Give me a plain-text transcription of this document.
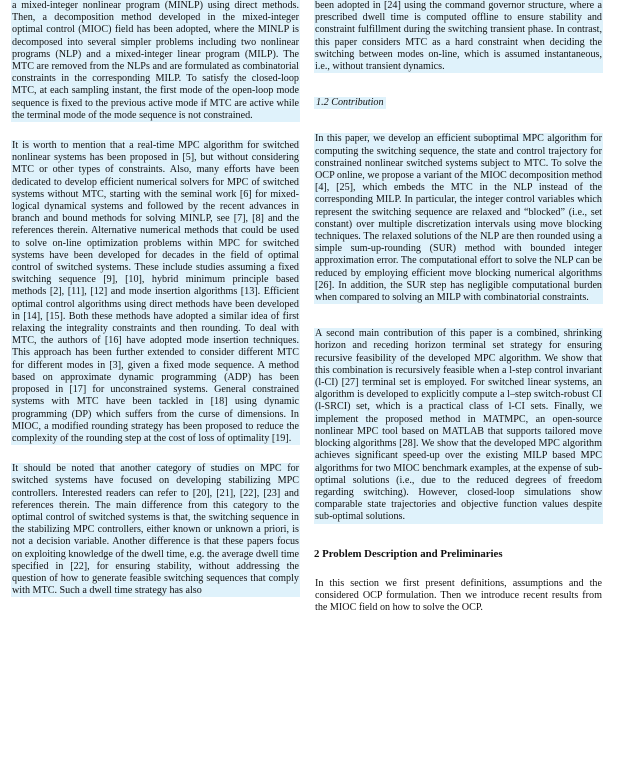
a mixed-integer nonlinear program (MINLP) using direct methods. Then, a decomposition method developed in the mixed-integer optimal control (MIOC) field has been adopted, where the MINLP is decomposed into several simpler problems including two nonlinear programs (NLP) and a mixed-integer linear program (MILP). The MTC are removed from the NLPs and are formulated as combinatorial constraints in the corresponding MILP. To satisfy the closed-loop MTC, at each sampling instant, the first mode of the open-loop mode sequence is fixed to the previous active mode if MTC are active while the terminal mode of the mode sequence is not constrained.

It is worth to mention that a real-time MPC algorithm for switched nonlinear systems has been proposed in [5], but without considering MTC or other types of constraints. Also, many efforts have been dedicated to develop efficient numerical solvers for MPC of switched systems without MTC, starting with the seminal work [6] for mixed-logical dynamical systems and followed by the recent advances in branch and bound methods for solving MINLP, see [7], [8] and the references therein. Alternative numerical methods that could be used to solve on-line optimization problems within MPC for switched systems have been developed for decades in the field of optimal control of switched systems. These include studies assuming a fixed switching sequence [9], [10], hybrid minimum principle based methods [2], [11], [12] and mode insertion algorithms [13]. Efficient optimal control algorithms using direct methods have been developed in [14], [15]. Both these methods have adopted a similar idea of first relaxing the integrality constraints and then rounding. To deal with MTC, the authors of [16] have adopted mode insertion techniques. This approach has been further extended to consider different MTC for different modes in [3], given a fixed mode sequence. A method based on approximate dynamic programming (ADP) has been proposed in [17] for unconstrained systems. General constrained systems with MTC have been tackled in [18] using dynamic programming (DP) which suffers from the curse of dimensions. In MIOC, a modified rounding strategy has been proposed to reduce the complexity of the rounding step at the cost of loss of optimality [19].

It should be noted that another category of studies on MPC for switched systems have focused on developing stabilizing MPC controllers. Interested readers can refer to [20], [21], [22], [23] and references therein. The main difference from this category to the optimal control of switched systems is that, the switching sequence in the stabilizing MPC controllers, either known or unknown a priori, is not a decision variable. Another difference is that these papers focus on exploiting knowledge of the dwell time, e.g. the average dwell time specified in [22], for ensuring stability, without addressing the question of how to generate feasible switching sequences that comply with MTC. Such a dwell time strategy has also

been adopted in [24] using the command governor structure, where a prescribed dwell time is computed offline to ensure stability and constraint fulfillment during the switching transient phase. In contrast, this paper considers MTC as a hard constraint when deciding the switching between modes on-line, which is assumed instantaneous, i.e., without transient dynamics.

1.2 Contribution

In this paper, we develop an efficient suboptimal MPC algorithm for computing the switching sequence, the state and control trajectory for constrained nonlinear switched systems subject to MTC. To solve the OCP online, we propose a variant of the MIOC decomposition method [4], [25], which embeds the MTC in the NLP instead of the corresponding MILP. In particular, the integer control variables which represent the switching sequence are relaxed and “blocked” (i.e., set constant) over multiple discretization intervals using move blocking techniques. The relaxed solutions of the NLP are then rounded using a simple sum-up-rounding (SUR) method with bounded integer approximation error. The computational effort to solve the NLP can be reduced by employing efficient move blocking numerical algorithms [26]. In addition, the SUR step has negligible computational burden when compared to solving an MILP with combinatorial constraints.

A second main contribution of this paper is a combined, shrinking horizon and receding horizon terminal set strategy for ensuring recursive feasibility of the developed MPC algorithm. We show that this combination is recursively feasible when a l-step control invariant (l-CI) [27] terminal set is employed. For switched linear systems, an algorithm is developed to explicitly compute a l–step switch-robust CI (l-SRCI) set, which is a practical class of l-CI sets. Finally, we implement the proposed method in MATMPC, an open-source nonlinear MPC tool based on MATLAB that supports tailored move blocking algorithms [28]. We show that the developed MPC algorithm achieves significant speed-up over the existing MILP based MPC algorithms for two MIOC benchmark examples, at the expense of sub-optimal solutions (i.e., due to the reduced degrees of freedom regarding switching). However, closed-loop simulations show comparable state trajectories and objective function values despite sub-optimal solutions.

2 Problem Description and Preliminaries

In this section we first present definitions, assumptions and the considered OCP formulation. Then we introduce recent results from the MIOC field on how to solve the OCP.
